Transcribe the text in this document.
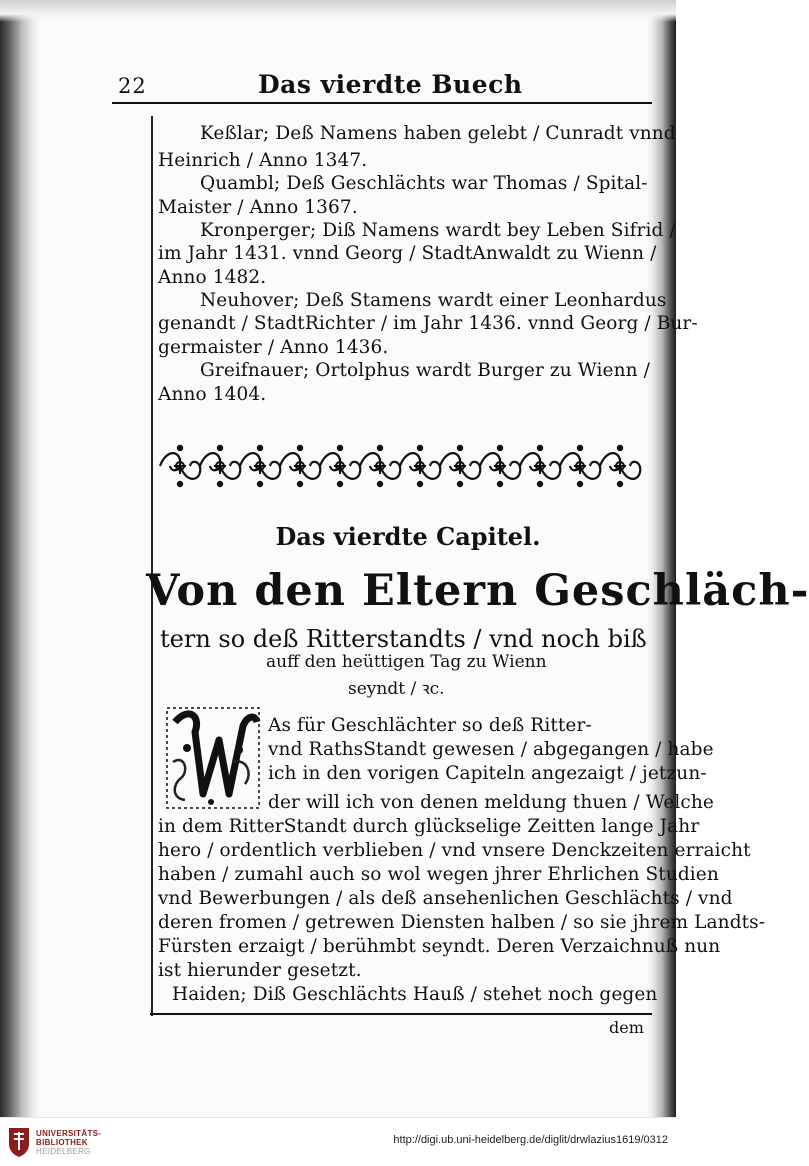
22	Das vierdte Buech
Keßlar; Deß Namens haben gelebt / Cunradt vnnd
Heinrich / Anno 1347.
Quambl; Deß Geschlächts war Thomas / Spital-
Maister / Anno 1367.
Kronperger; Diß Namens wardt bey Leben Sifrid /
im Jahr 1431. vnnd Georg / StadtAnwaldt zu Wienn /
Anno 1482.
Neuhover; Deß Stamens wardt einer Leonhardus
genandt / StadtRichter / im Jahr 1436. vnnd Georg / Bur-
germaister / Anno 1436.
Greifnauer; Ortolphus wardt Burger zu Wienn /
Anno 1404.
Das vierdte Capitel.
Von den Eltern Geschläch-
tern so deß Ritterstandts / vnd noch biß
auff den heüttigen Tag zu Wienn
seyndt / ꝛc.
As für Geschlächter so deß Ritter-
vnd RathsStandt gewesen / abgegangen / habe
ich in den vorigen Capiteln angezaigt / jetzun-
der will ich von denen meldung thuen / Welche
in dem RitterStandt durch glückselige Zeitten lange Jahr
hero / ordentlich verblieben / vnd vnsere Denckzeiten erraicht
haben / zumahl auch so wol wegen jhrer Ehrlichen Studien
vnd Bewerbungen / als deß ansehenlichen Geschlächts / vnd
deren fromen / getrewen Diensten halben / so sie jhrem Landts-
Fürsten erzaigt / berühmbt seyndt. Deren Verzaichnuß nun
ist hierunder gesetzt.
Haiden; Diß Geschlächts Hauß / stehet noch gegen
dem
UNIVERSITÄTS-
BIBLIOTHEK
HEIDELBERG
http://digi.ub.uni-heidelberg.de/diglit/drwlazius1619/0312
